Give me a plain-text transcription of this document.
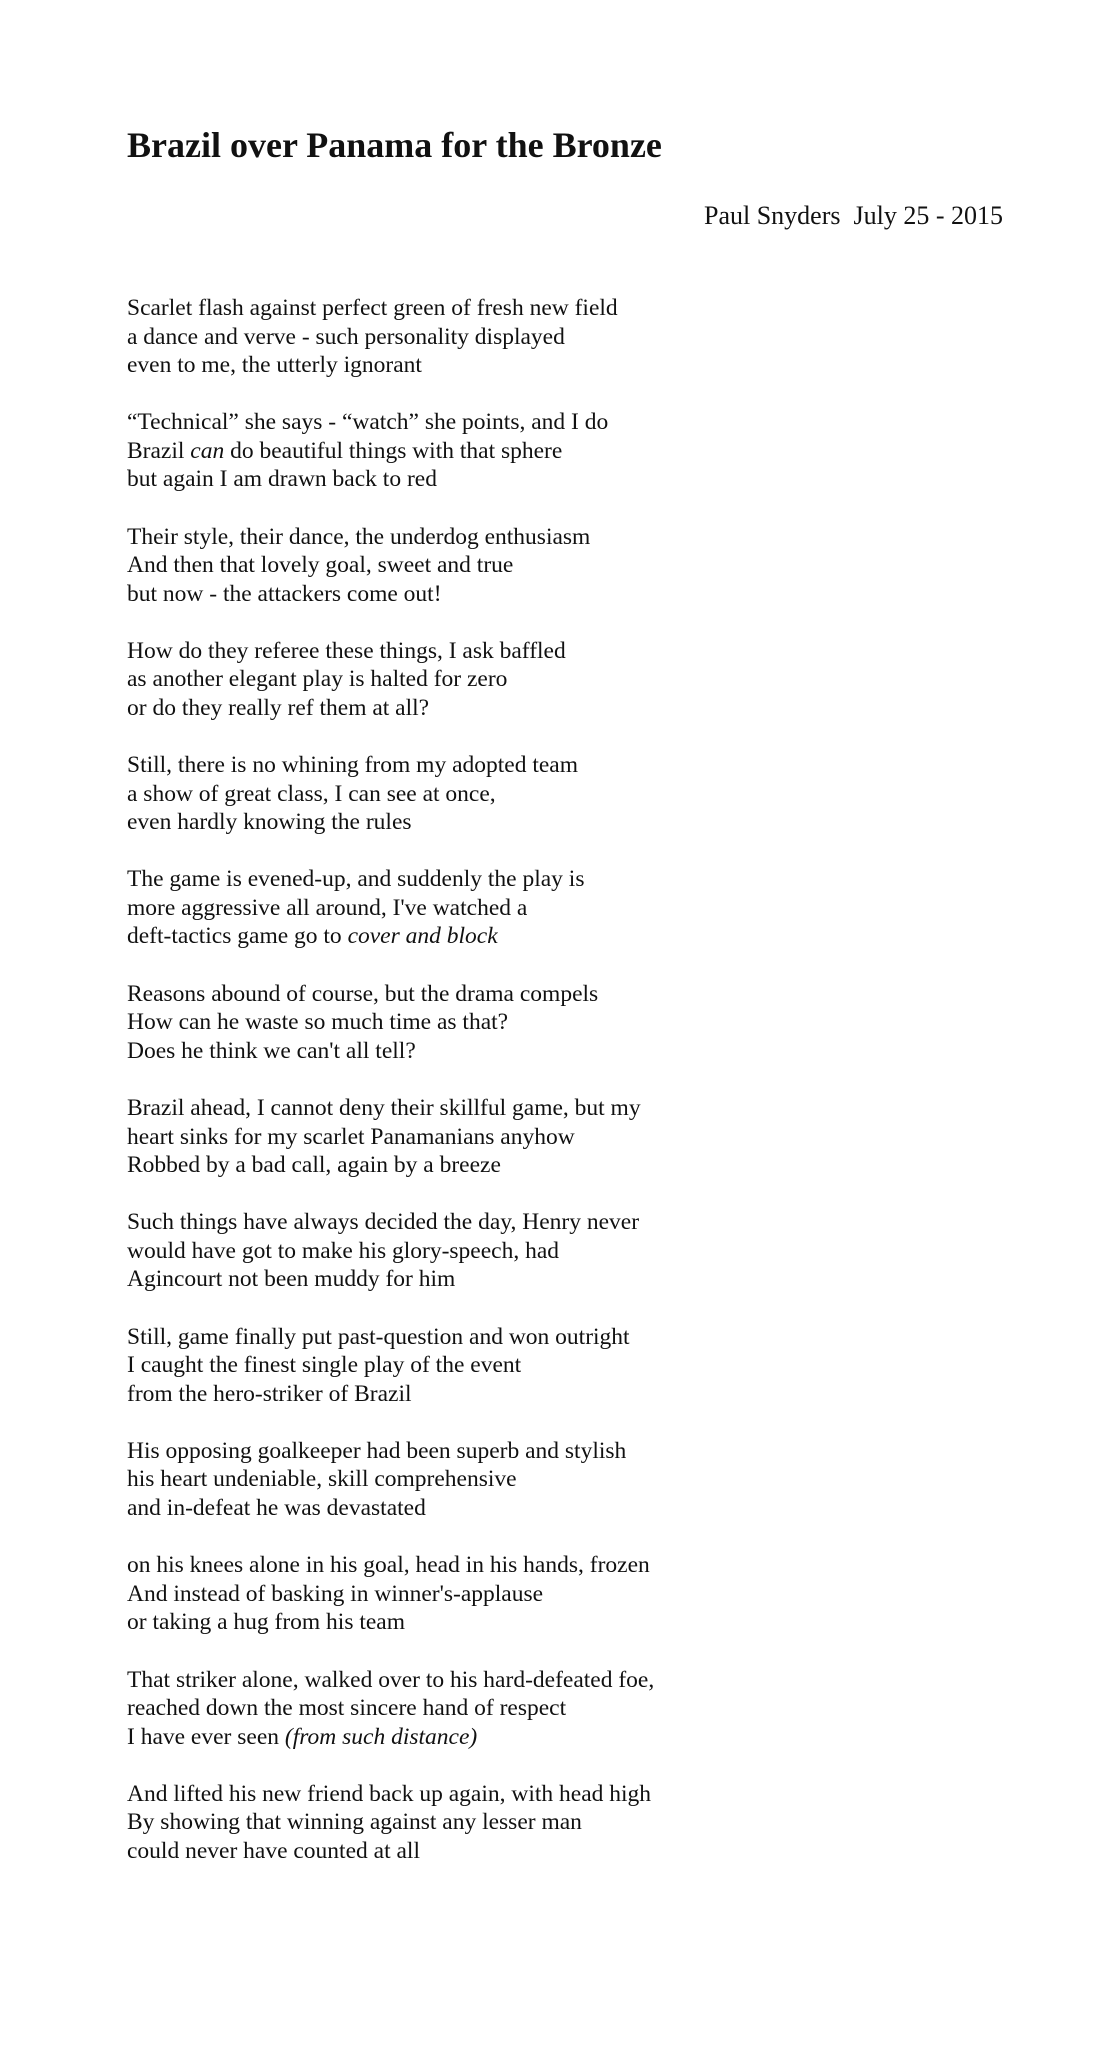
Brazil over Panama for the Bronze
Paul Snyders  July 25 - 2015
Scarlet flash against perfect green of fresh new field
a dance and verve - such personality displayed
even to me, the utterly ignorant
“Technical” she says - “watch” she points, and I do
Brazil can do beautiful things with that sphere
but again I am drawn back to red
Their style, their dance, the underdog enthusiasm
And then that lovely goal, sweet and true
but now - the attackers come out!
How do they referee these things, I ask baffled
as another elegant play is halted for zero
or do they really ref them at all?
Still, there is no whining from my adopted team
a show of great class, I can see at once,
even hardly knowing the rules
The game is evened-up, and suddenly the play is
more aggressive all around, I've watched a
deft-tactics game go to cover and block
Reasons abound of course, but the drama compels
How can he waste so much time as that?
Does he think we can't all tell?
Brazil ahead, I cannot deny their skillful game, but my
heart sinks for my scarlet Panamanians anyhow
Robbed by a bad call, again by a breeze
Such things have always decided the day, Henry never
would have got to make his glory-speech, had
Agincourt not been muddy for him
Still, game finally put past-question and won outright
I caught the finest single play of the event
from the hero-striker of Brazil
His opposing goalkeeper had been superb and stylish
his heart undeniable, skill comprehensive
and in-defeat he was devastated
on his knees alone in his goal, head in his hands, frozen
And instead of basking in winner's-applause
or taking a hug from his team
That striker alone, walked over to his hard-defeated foe,
reached down the most sincere hand of respect
I have ever seen (from such distance)
And lifted his new friend back up again, with head high
By showing that winning against any lesser man
could never have counted at all
